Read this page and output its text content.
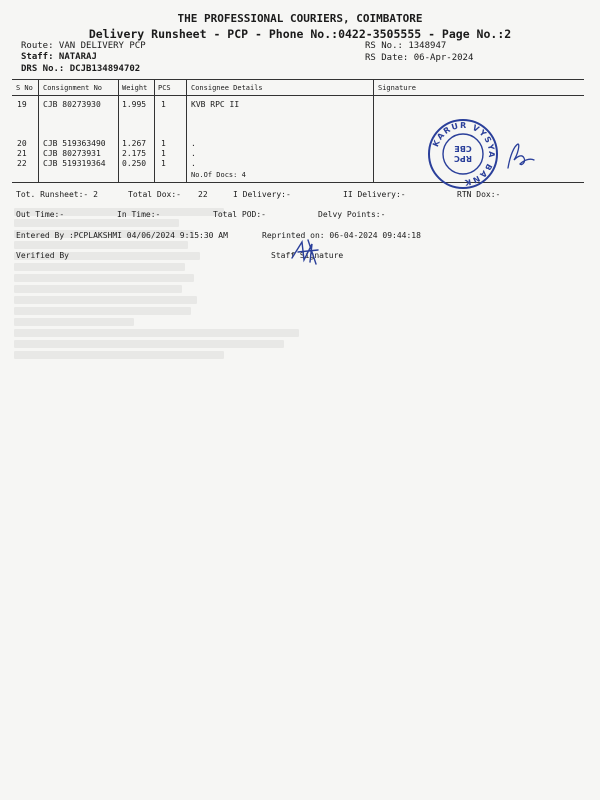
THE PROFESSIONAL COURIERS, COIMBATORE
Delivery Runsheet - PCP - Phone No.:0422-3505555 - Page No.:2
Route: VAN DELIVERY PCP
Staff: NATARAJ
DRS No.: DCJB134894702
RS No.: 1348947
RS Date: 06-Apr-2024
S No Consignment No	Weight PCS	Consignee Details	Signature
19 CJB 80273930	1.995 1	KVB RPC II
20 CJB 519363490 1.267 1	.
21 CJB 80273931	2.175 1	.
22 CJB 519319364 0.250 1	.
No.Of Docs: 4
Tot. Runsheet:- 2	Total Dox:- 22	I Delivery:-	II Delivery:-	RTN Dox:-
Out Time:-	In Time:-	Total POD:-	Delvy Points:-
Entered By :PCPLAKSHMI 04/06/2024 9:15:30 AM	Reprinted on: 06-04-2024 09:44:18
Verified By	Staff Signature
KARUR VYSYA BANK
RPC
CBE
